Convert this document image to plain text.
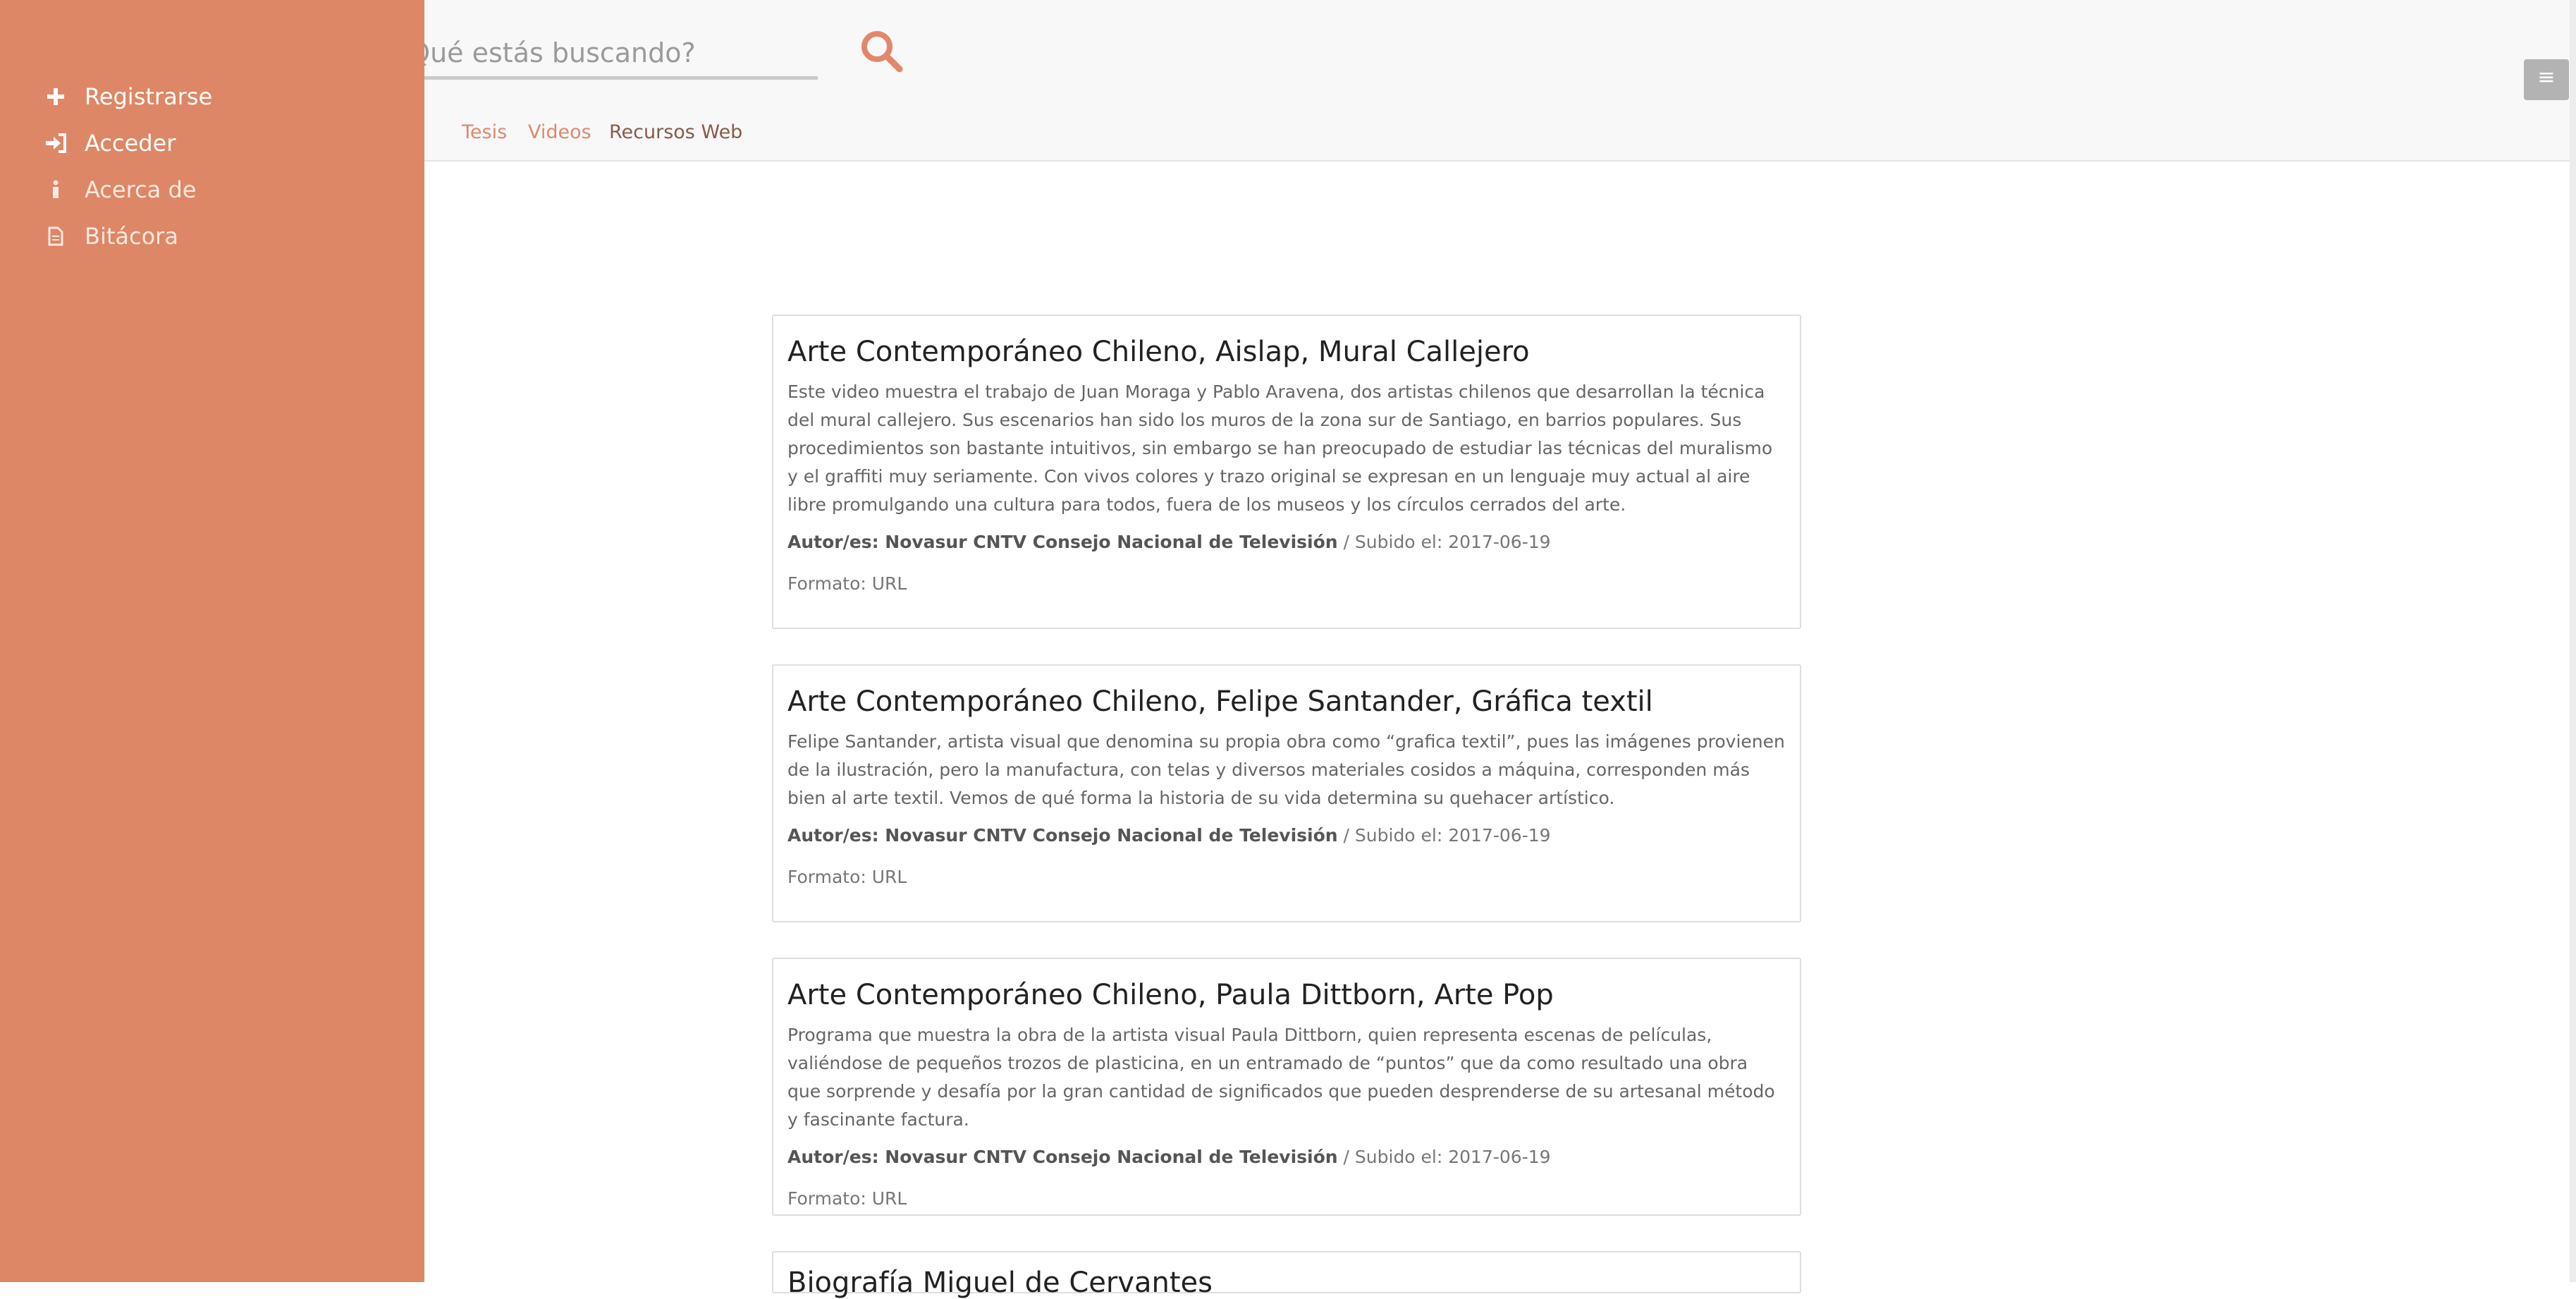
¿Qué estás buscando?
Tesis Videos Recursos Web
≡
Registrarse
Acceder
Acerca de
Bitácora
Arte Contemporáneo Chileno, Aislap, Mural Callejero

Este video muestra el trabajo de Juan Moraga y Pablo Aravena, dos artistas chilenos que desarrollan la técnica del mural callejero. Sus escenarios han sido los muros de la zona sur de Santiago, en barrios populares. Sus procedimientos son bastante intuitivos, sin embargo se han preocupado de estudiar las técnicas del muralismo y el graffiti muy seriamente. Con vivos colores y trazo original se expresan en un lenguaje muy actual al aire libre promulgando una cultura para todos, fuera de los museos y los círculos cerrados del arte.

Autor/es: Novasur CNTV Consejo Nacional de Televisión / Subido el: 2017-06-19

Formato: URL

Arte Contemporáneo Chileno, Felipe Santander, Gráfica textil

Felipe Santander, artista visual que denomina su propia obra como “grafica textil”, pues las imágenes provienen de la ilustración, pero la manufactura, con telas y diversos materiales cosidos a máquina, corresponden más bien al arte textil. Vemos de qué forma la historia de su vida determina su quehacer artístico.

Autor/es: Novasur CNTV Consejo Nacional de Televisión / Subido el: 2017-06-19

Formato: URL

Arte Contemporáneo Chileno, Paula Dittborn, Arte Pop

Programa que muestra la obra de la artista visual Paula Dittborn, quien representa escenas de películas, valiéndose de pequeños trozos de plasticina, en un entramado de “puntos” que da como resultado una obra que sorprende y desafía por la gran cantidad de significados que pueden desprenderse de su artesanal método y fascinante factura.

Autor/es: Novasur CNTV Consejo Nacional de Televisión / Subido el: 2017-06-19

Formato: URL

Biografía Miguel de Cervantes
